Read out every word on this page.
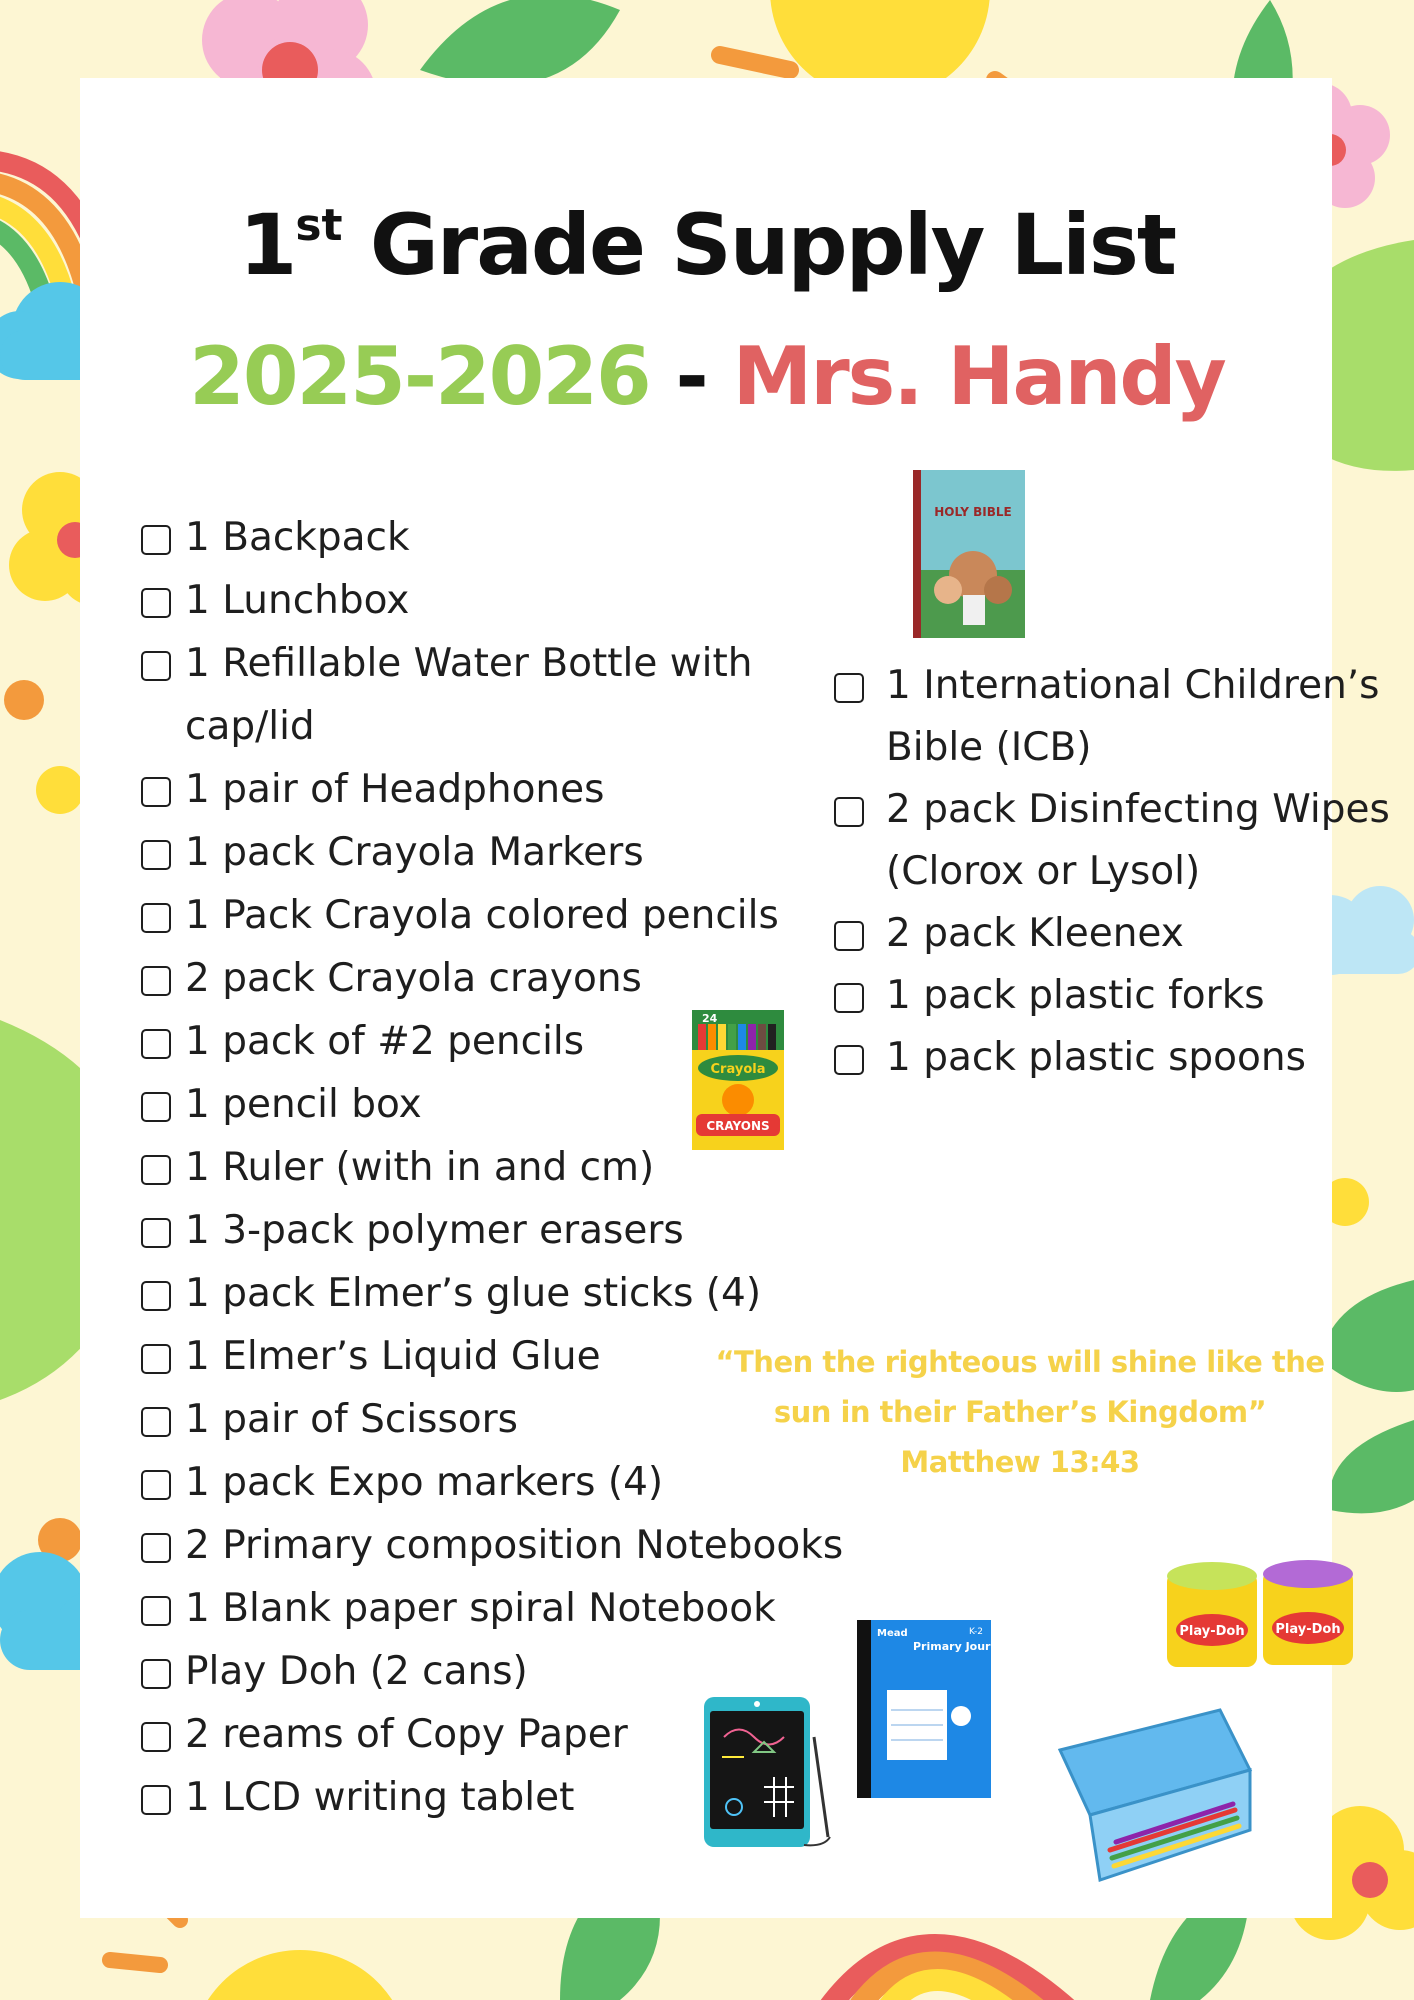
1st Grade Supply List
2025-2026 - Mrs. Handy
1 Backpack
1 Lunchbox
1 Refillable Water Bottle with
cap/lid
1 pair of Headphones
1 pack Crayola Markers
1 Pack Crayola colored pencils
2 pack Crayola crayons
1 pack of #2 pencils
1 pencil box
1 Ruler (with in and cm)
1 3-pack polymer erasers
1 pack Elmer’s glue sticks (4)
1 Elmer’s Liquid Glue
1 pair of Scissors
1 pack Expo markers (4)
2 Primary composition Notebooks
1 Blank paper spiral Notebook
Play Doh (2 cans)
2 reams of Copy Paper
1 LCD writing tablet
1 International Children’s
Bible (ICB)
2 pack Disinfecting Wipes
(Clorox or Lysol)
2 pack Kleenex
1 pack plastic forks
1 pack plastic spoons
“Then the righteous will shine like the
sun in their Father’s Kingdom”
Matthew 13:43
HOLY BIBLE
24
Crayola
CRAYONS
Mead
Primary Journal
K-2	Play-Doh Play-Doh
